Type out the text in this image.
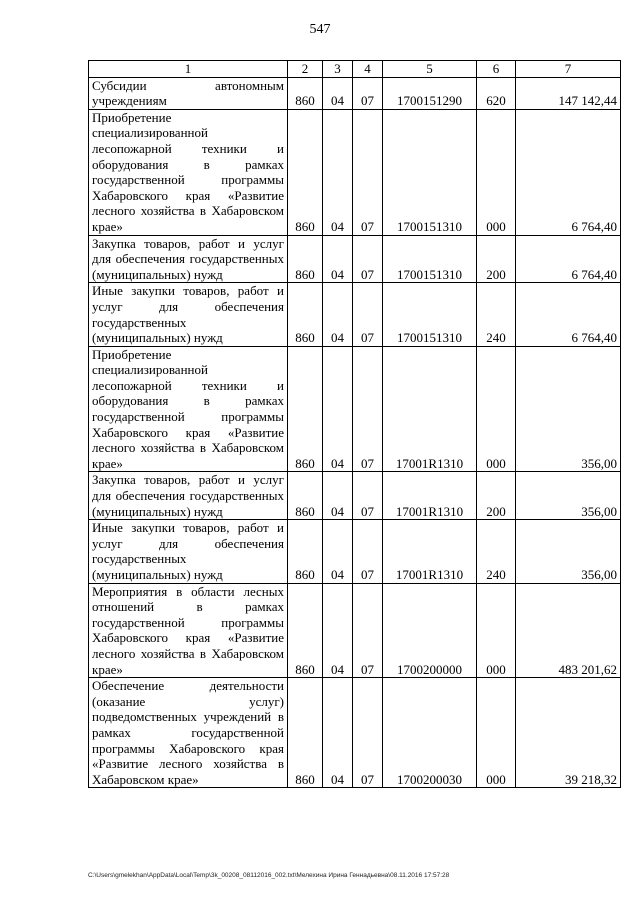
547
1	2	3	4	5	6	7
Субсидии автономным учреждениям	860	04	07	1700151290	620	147 142,44
Приобретение специализированной лесопожарной техники и оборудования в рамках государственной программы Хабаровского края «Развитие лесного хозяйства в Хабаровском крае»	860	04	07	1700151310	000	6 764,40
Закупка товаров, работ и услуг для обеспечения государственных (муниципальных) нужд	860	04	07	1700151310	200	6 764,40
Иные закупки товаров, работ и услуг для обеспечения государственных (муниципальных) нужд	860	04	07	1700151310	240	6 764,40
Приобретение специализированной лесопожарной техники и оборудования в рамках государственной программы Хабаровского края «Развитие лесного хозяйства в Хабаровском крае»	860	04	07	17001R1310	000	356,00
Закупка товаров, работ и услуг для обеспечения государственных (муниципальных) нужд	860	04	07	17001R1310	200	356,00
Иные закупки товаров, работ и услуг для обеспечения государственных (муниципальных) нужд	860	04	07	17001R1310	240	356,00
Мероприятия в области лесных отношений в рамках государственной программы Хабаровского края «Развитие лесного хозяйства в Хабаровском крае»	860	04	07	1700200000	000	483 201,62
Обеспечение деятельности (оказание услуг) подведомственных учреждений в рамках государственной программы Хабаровского края «Развитие лесного хозяйства в Хабаровском крае»	860	04	07	1700200030	000	39 218,32
C:\Users\gmelekhan\AppData\Local\Temp\3k_00208_08112016_002.txt\Мелехина Ирина Геннадьевна\08.11.2016 17:57:28
